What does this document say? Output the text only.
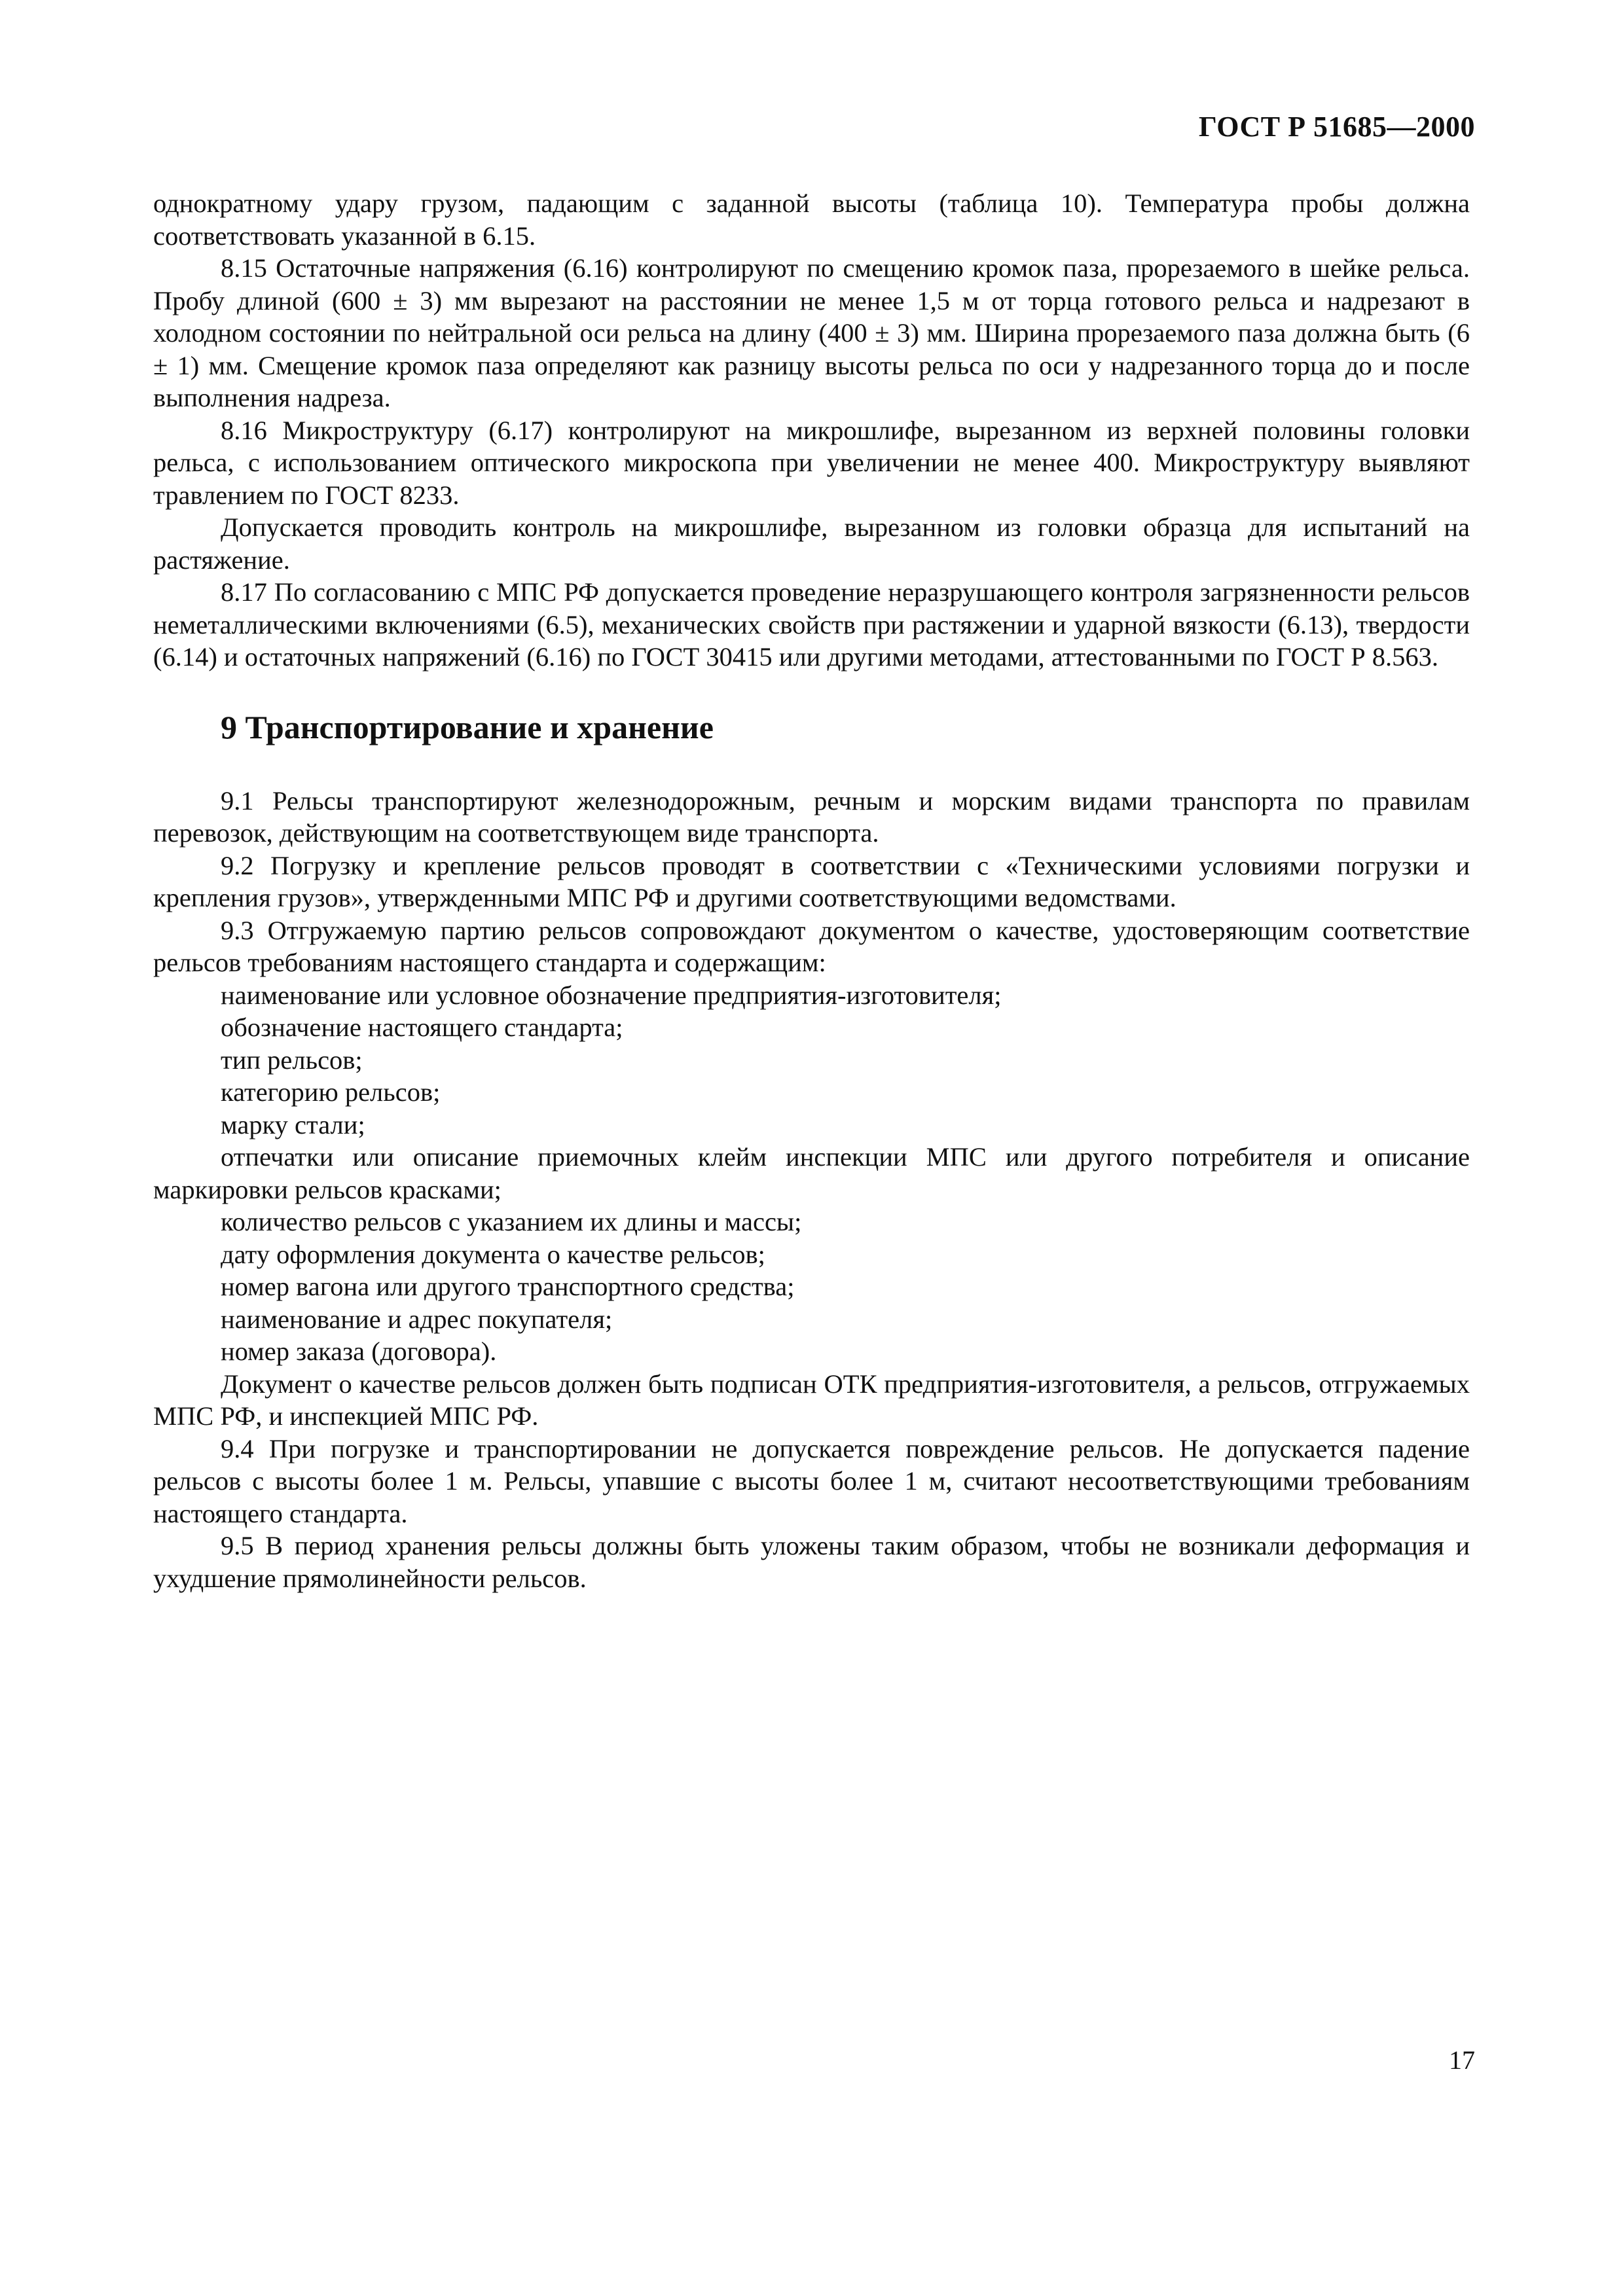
ГОСТ Р 51685—2000

однократному удару грузом, падающим с заданной высоты (таблица 10). Температура пробы должна соответствовать указанной в 6.15.

8.15 Остаточные напряжения (6.16) контролируют по смещению кромок паза, прорезаемого в шейке рельса. Пробу длиной (600 ± 3) мм вырезают на расстоянии не менее 1,5 м от торца готового рельса и надрезают в холодном состоянии по нейтральной оси рельса на длину (400 ± 3) мм. Ширина прорезаемого паза должна быть (6 ± 1) мм. Смещение кромок паза определяют как разницу высоты рельса по оси у надрезанного торца до и после выполнения надреза.

8.16 Микроструктуру (6.17) контролируют на микрошлифе, вырезанном из верхней половины головки рельса, с использованием оптического микроскопа при увеличении не менее 400. Микроструктуру выявляют травлением по ГОСТ 8233.

Допускается проводить контроль на микрошлифе, вырезанном из головки образца для испытаний на растяжение.

8.17 По согласованию с МПС РФ допускается проведение неразрушающего контроля загрязненности рельсов неметаллическими включениями (6.5), механических свойств при растяжении и ударной вязкости (6.13), твердости (6.14) и остаточных напряжений (6.16) по ГОСТ 30415 или другими методами, аттестованными по ГОСТ Р 8.563.

9 Транспортирование и хранение

9.1 Рельсы транспортируют железнодорожным, речным и морским видами транспорта по правилам перевозок, действующим на соответствующем виде транспорта.

9.2 Погрузку и крепление рельсов проводят в соответствии с «Техническими условиями погрузки и крепления грузов», утвержденными МПС РФ и другими соответствующими ведомствами.

9.3 Отгружаемую партию рельсов сопровождают документом о качестве, удостоверяющим соответствие рельсов требованиям настоящего стандарта и содержащим:

наименование или условное обозначение предприятия-изготовителя;

обозначение настоящего стандарта;

тип рельсов;

категорию рельсов;

марку стали;

отпечатки или описание приемочных клейм инспекции МПС или другого потребителя и описание маркировки рельсов красками;

количество рельсов с указанием их длины и массы;

дату оформления документа о качестве рельсов;

номер вагона или другого транспортного средства;

наименование и адрес покупателя;

номер заказа (договора).

Документ о качестве рельсов должен быть подписан ОТК предприятия-изготовителя, а рельсов, отгружаемых МПС РФ, и инспекцией МПС РФ.

9.4 При погрузке и транспортировании не допускается повреждение рельсов. Не допускается падение рельсов с высоты более 1 м. Рельсы, упавшие с высоты более 1 м, считают несоответствующими требованиям настоящего стандарта.

9.5 В период хранения рельсы должны быть уложены таким образом, чтобы не возникали деформация и ухудшение прямолинейности рельсов.

17
